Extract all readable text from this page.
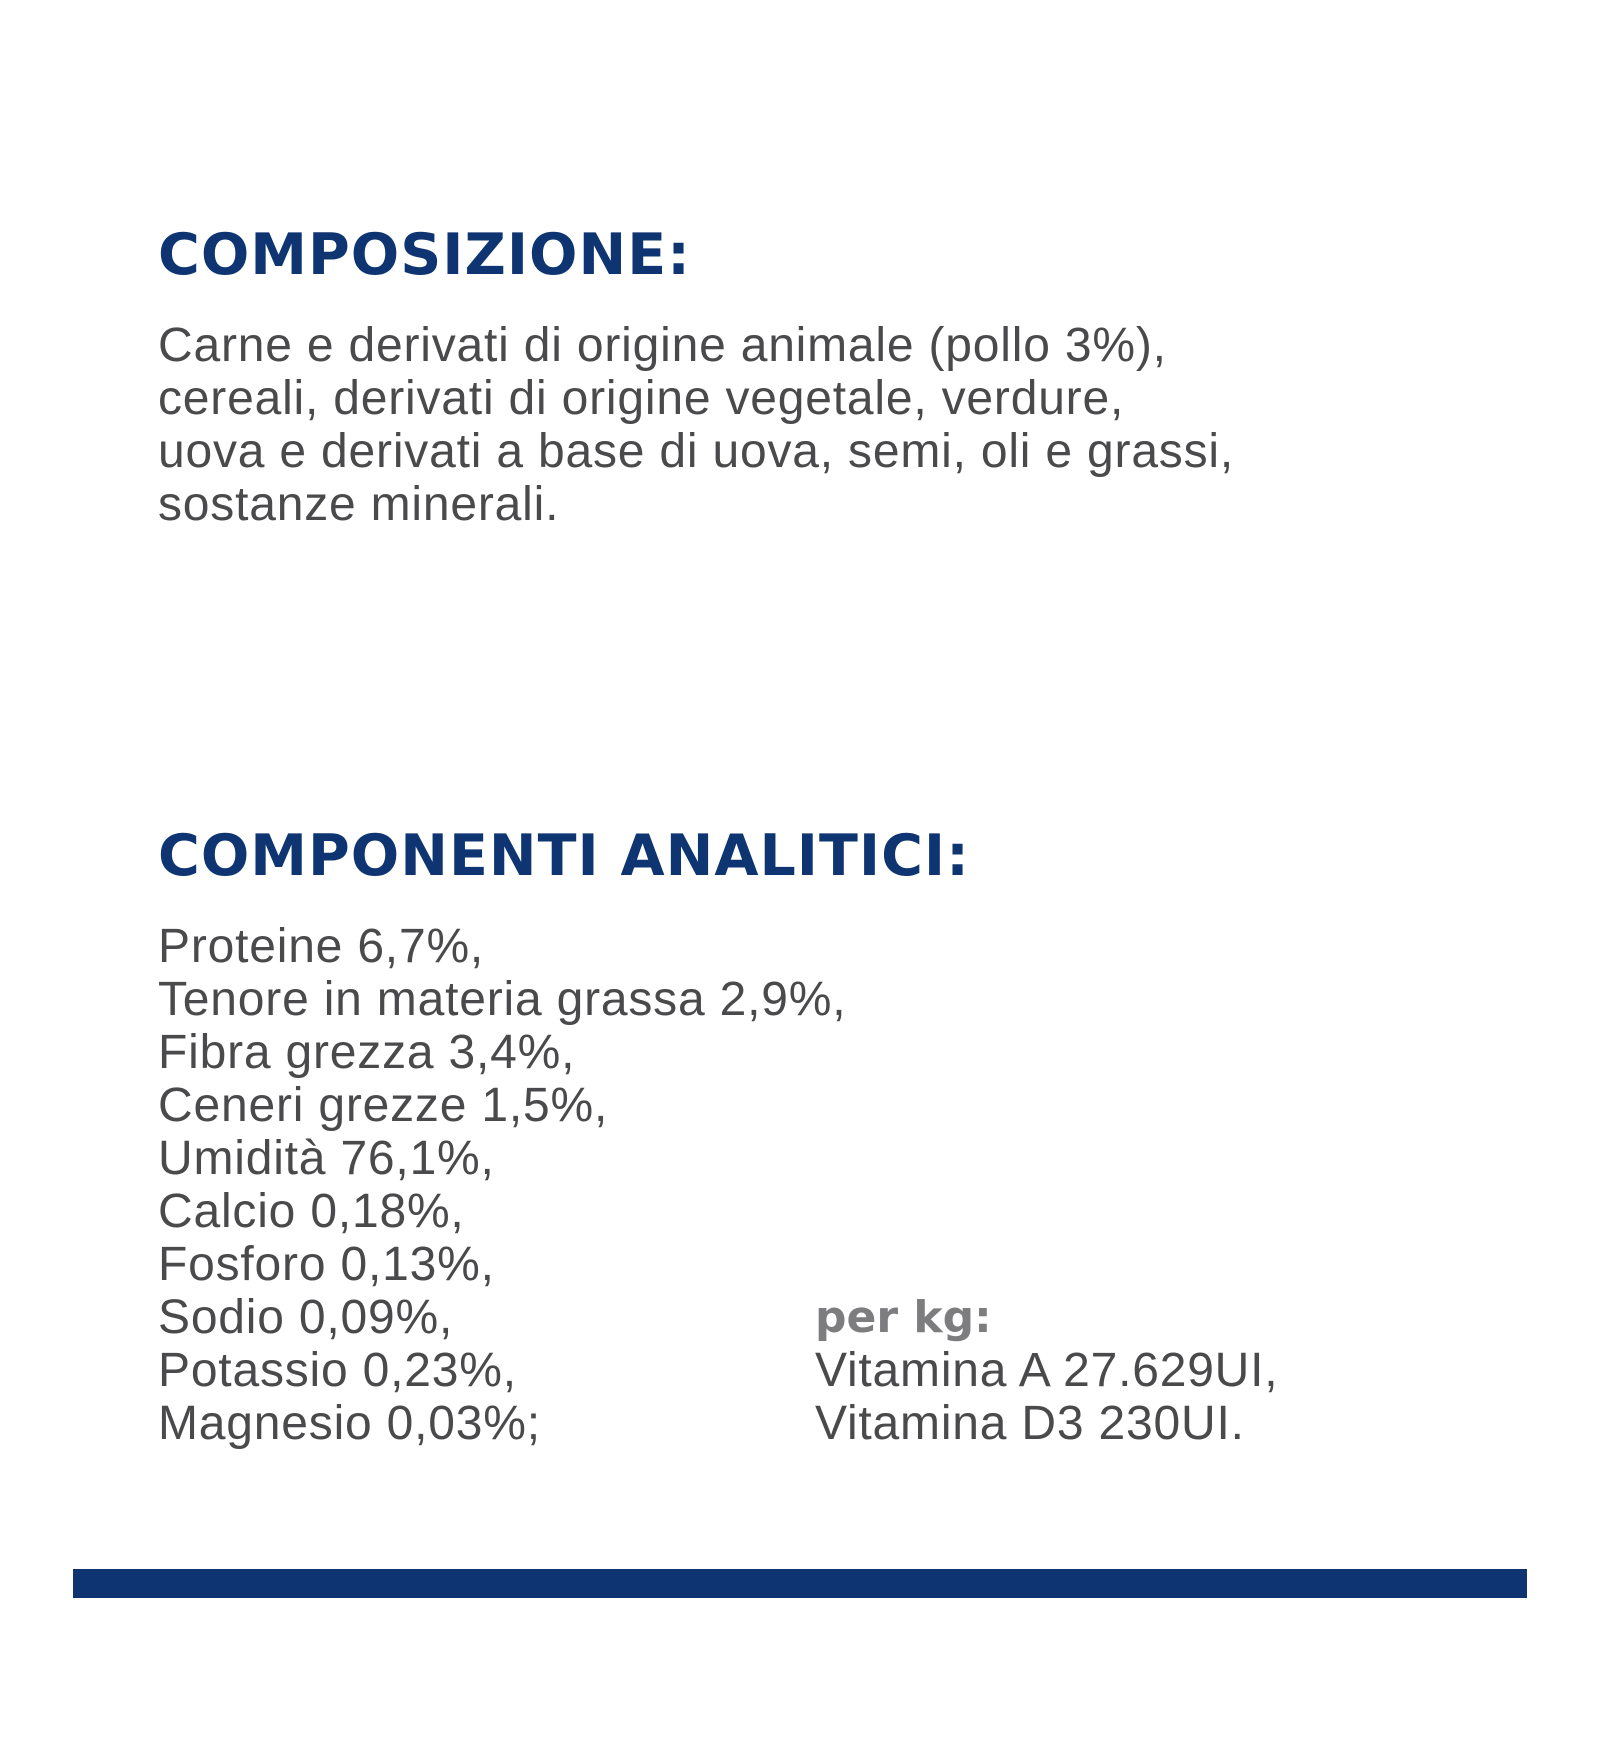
COMPOSIZIONE:

Carne e derivati di origine animale (pollo 3%),
cereali, derivati di origine vegetale, verdure,
uova e derivati a base di uova, semi, oli e grassi,
sostanze minerali.

COMPONENTI ANALITICI:
Proteine 6,7%,
Tenore in materia grassa 2,9%,
Fibra grezza 3,4%,
Ceneri grezze 1,5%,
Umidità 76,1%,
Calcio 0,18%,
Fosforo 0,13%,
Sodio 0,09%,
Potassio 0,23%,
Magnesio 0,03%;
per kg:
Vitamina A 27.629UI,
Vitamina D3 230UI.
